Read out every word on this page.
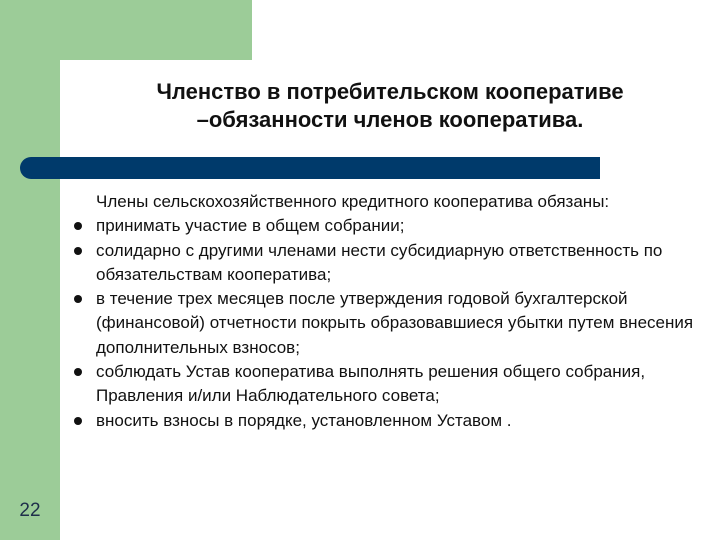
Членство в потребительском кооперативе
–обязанности членов кооператива.
Члены сельскохозяйственного кредитного кооператива обязаны:
принимать участие в общем собрании;
солидарно с другими членами нести субсидиарную ответственность по обязательствам кооператива;
в течение трех месяцев после утверждения годовой бухгалтерской (финансовой) отчетности покрыть образовавшиеся убытки путем внесения дополнительных взносов;
соблюдать Устав кооператива выполнять решения общего собрания, Правления и/или Наблюдательного совета;
вносить взносы в порядке, установленном Уставом .
22
